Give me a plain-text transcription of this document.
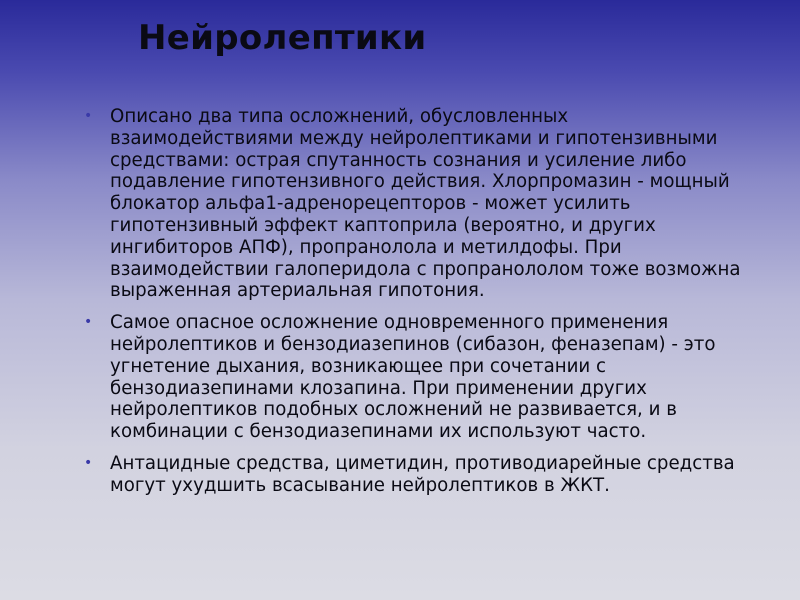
Нейролептики
• Описано два типа осложнений, обусловленных взаимодействиями между нейролептиками и гипотензивными средствами: острая спутанность сознания и усиление либо подавление гипотензивного действия. Хлорпромазин - мощный блокатор альфа1-адренорецепторов - может усилить гипотензивный эффект каптоприла (вероятно, и других ингибиторов АПФ), пропранолола и метилдофы. При взаимодействии галоперидола с пропранололом тоже возможна выраженная артериальная гипотония.
• Самое опасное осложнение одновременного применения нейролептиков и бензодиазепинов (сибазон, феназепам) - это угнетение дыхания, возникающее при сочетании с бензодиазепинами клозапина. При применении других нейролептиков подобных осложнений не развивается, и в комбинации с бензодиазепинами их используют часто.
• Антацидные средства, циметидин, противодиарейные средства могут ухудшить всасывание нейролептиков в ЖКТ.
